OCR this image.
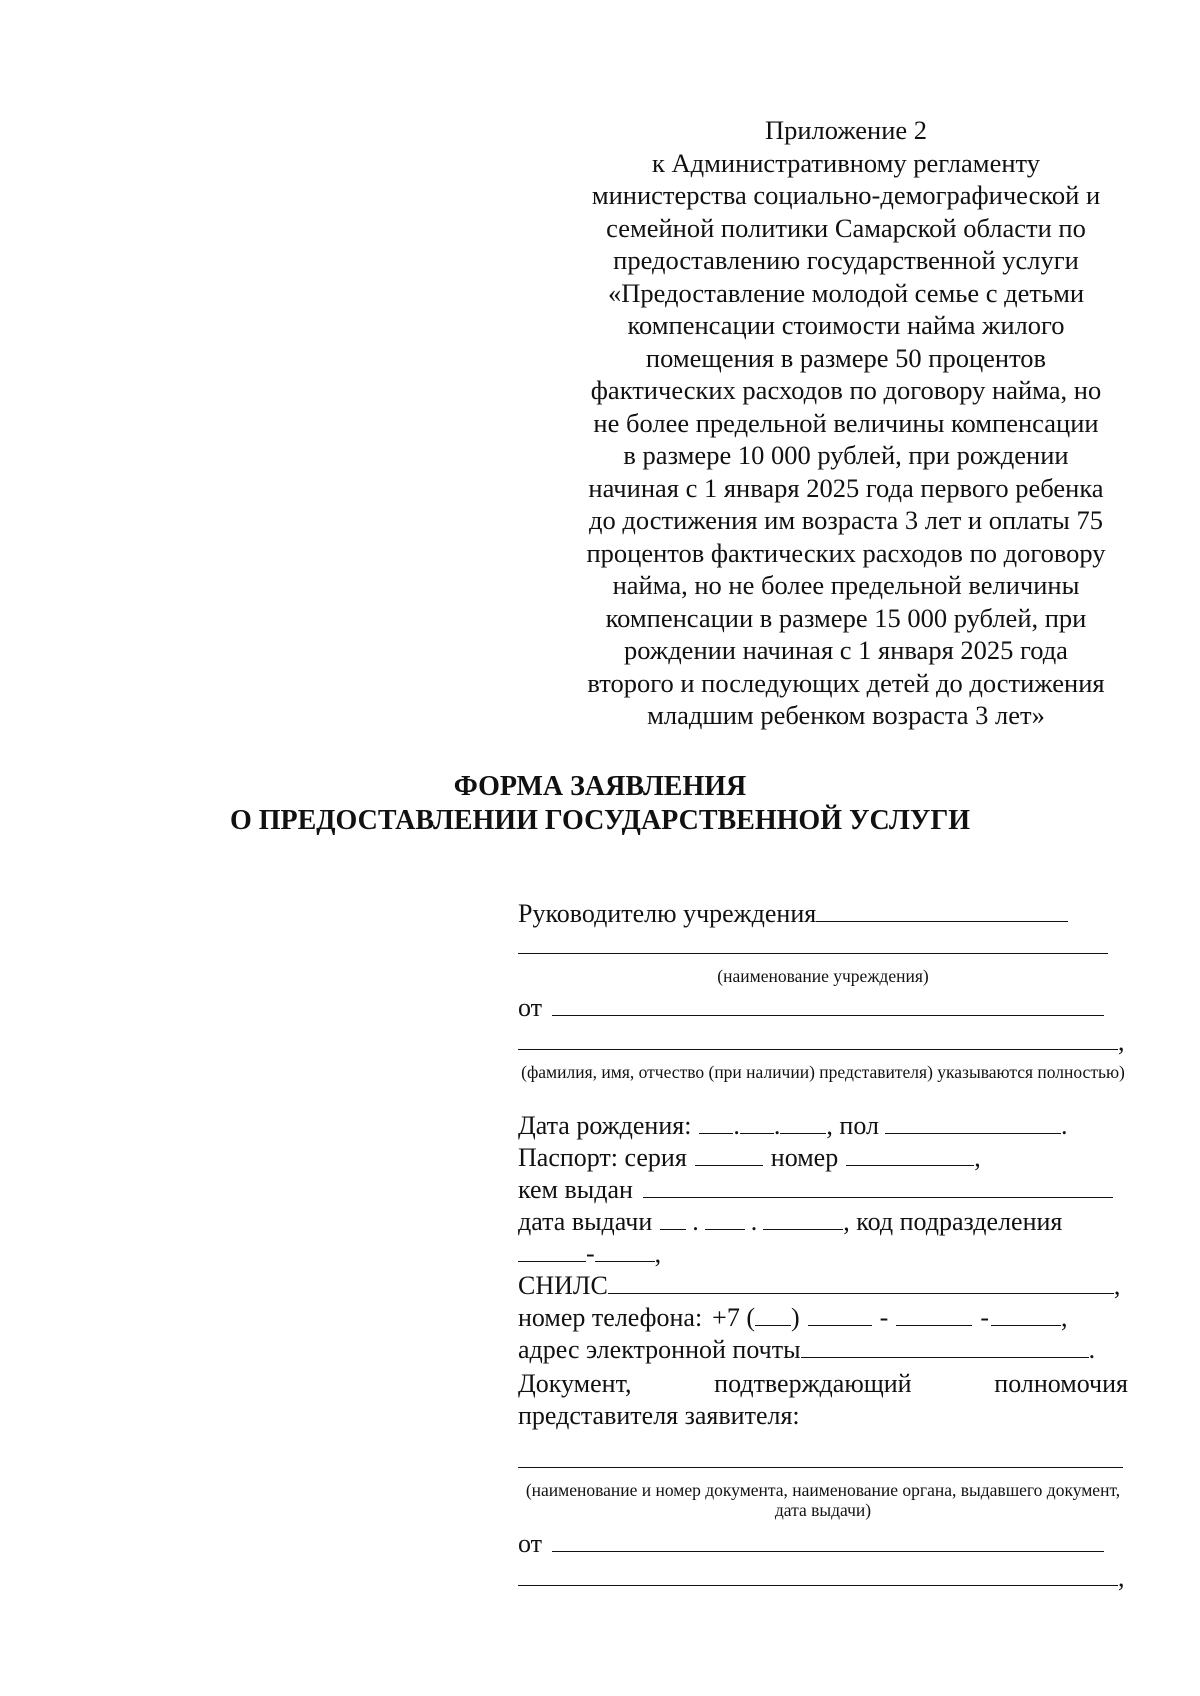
Приложение 2
к Административному регламенту
министерства социально-демографической и
семейной политики Самарской области по
предоставлению государственной услуги
«Предоставление молодой семье с детьми
компенсации стоимости найма жилого
помещения в размере 50 процентов
фактических расходов по договору найма, но
не более предельной величины компенсации
в размере 10 000 рублей, при рождении
начиная с 1 января 2025 года первого ребенка
до достижения им возраста 3 лет и оплаты 75
процентов фактических расходов по договору
найма, но не более предельной величины
компенсации в размере 15 000 рублей, при
рождении начиная с 1 января 2025 года
второго и последующих детей до достижения
младшим ребенком возраста 3 лет»
ФОРМА ЗАЯВЛЕНИЯ
О ПРЕДОСТАВЛЕНИИ ГОСУДАРСТВЕННОЙ УСЛУГИ
Руководителю учреждения
(наименование учреждения)
от
,
(фамилия, имя, отчество (при наличии) представителя) указываются полностью)
Дата рождения: . . , пол	.
Паспорт: серия	номер	,
кем выдан
дата выдачи . .	, код подразделения
- ,
СНИЛС	,
номер телефона: +7 ( )	-	-	,
адрес электронной почты	.
Документ,	подтверждающий	полномочия
представителя заявителя:
(наименование и номер документа, наименование органа, выдавшего документ, дата выдачи)
от
,
